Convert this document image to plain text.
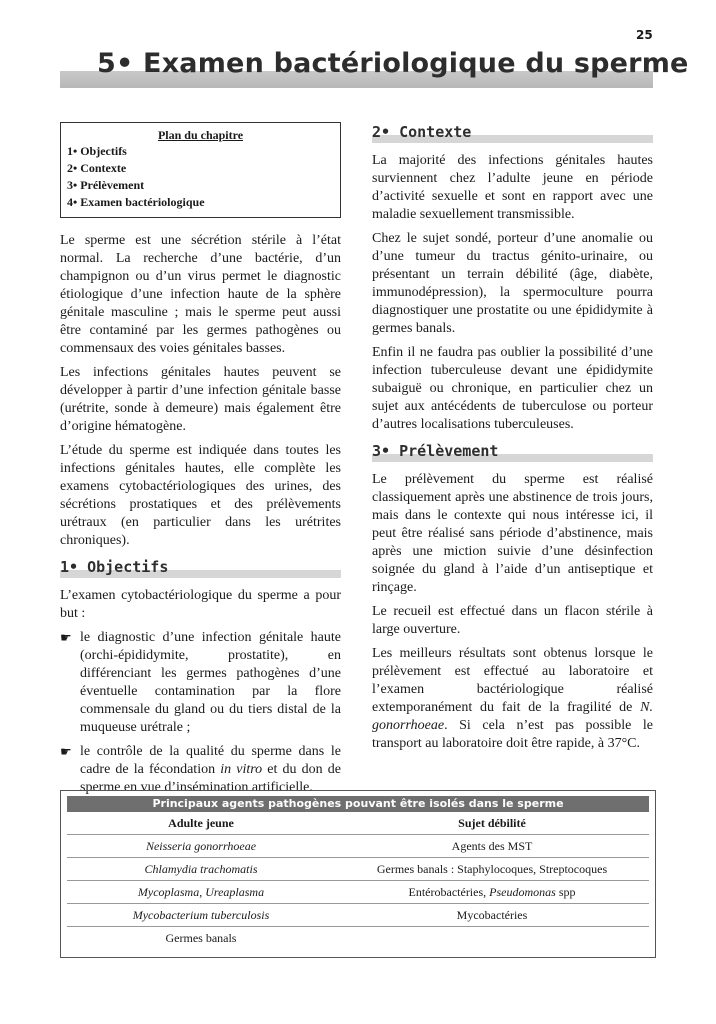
25
5• Examen bactériologique du sperme
Plan du chapitre
1• Objectifs
2• Contexte
3• Prélèvement
4• Examen bactériologique

Le sperme est une sécrétion stérile à l’état normal. La recherche d’une bactérie, d’un champignon ou d’un virus permet le diagnostic étiologique d’une infection haute de la sphère génitale masculine ; mais le sperme peut aussi être contaminé par les germes pathogènes ou commensaux des voies génitales basses.

Les infections génitales hautes peuvent se développer à partir d’une infection génitale basse (urétrite, sonde à demeure) mais également être d’origine hématogène.

L’étude du sperme est indiquée dans toutes les infections génitales hautes, elle complète les examens cytobactériologiques des urines, des sécrétions prostatiques et des prélèvements urétraux (en particulier dans les urétrites chroniques).

1• Objectifs

L’examen cytobactériologique du sperme a pour but :

☛ le diagnostic d’une infection génitale haute (orchi-épididymite, prostatite), en différenciant les germes pathogènes d’une éventuelle contamination par la flore commensale du gland ou du tiers distal de la muqueuse urétrale ;
☛ le contrôle de la qualité du sperme dans le cadre de la fécondation in vitro et du don de sperme en vue d’insémination artificielle.
2• Contexte

La majorité des infections génitales hautes surviennent chez l’adulte jeune en période d’activité sexuelle et sont en rapport avec une maladie sexuellement transmissible.

Chez le sujet sondé, porteur d’une anomalie ou d’une tumeur du tractus génito-urinaire, ou présentant un terrain débilité (âge, diabète, immunodépression), la spermoculture pourra diagnostiquer une prostatite ou une épididymite à germes banals.

Enfin il ne faudra pas oublier la possibilité d’une infection tuberculeuse devant une épididymite subaiguë ou chronique, en particulier chez un sujet aux antécédents de tuberculose ou porteur d’autres localisations tuberculeuses.

3• Prélèvement

Le prélèvement du sperme est réalisé classiquement après une abstinence de trois jours, mais dans le contexte qui nous intéresse ici, il peut être réalisé sans période d’abstinence, mais après une miction suivie d’une désinfection soignée du gland à l’aide d’un antiseptique et rinçage.

Le recueil est effectué dans un flacon stérile à large ouverture.

Les meilleurs résultats sont obtenus lorsque le prélèvement est effectué au laboratoire et l’examen bactériologique réalisé extemporanément du fait de la fragilité de N. gonorrhoeae. Si cela n’est pas possible le transport au laboratoire doit être rapide, à 37°C.

Principaux agents pathogènes pouvant être isolés dans le sperme
Adulte jeune	Sujet débilité
Neisseria gonorrhoeae	Agents des MST
Chlamydia trachomatis	Germes banals : Staphylocoques, Streptocoques
Mycoplasma, Ureaplasma	Entérobactéries, Pseudomonas spp
Mycobacterium tuberculosis	Mycobactéries
Germes banals	
